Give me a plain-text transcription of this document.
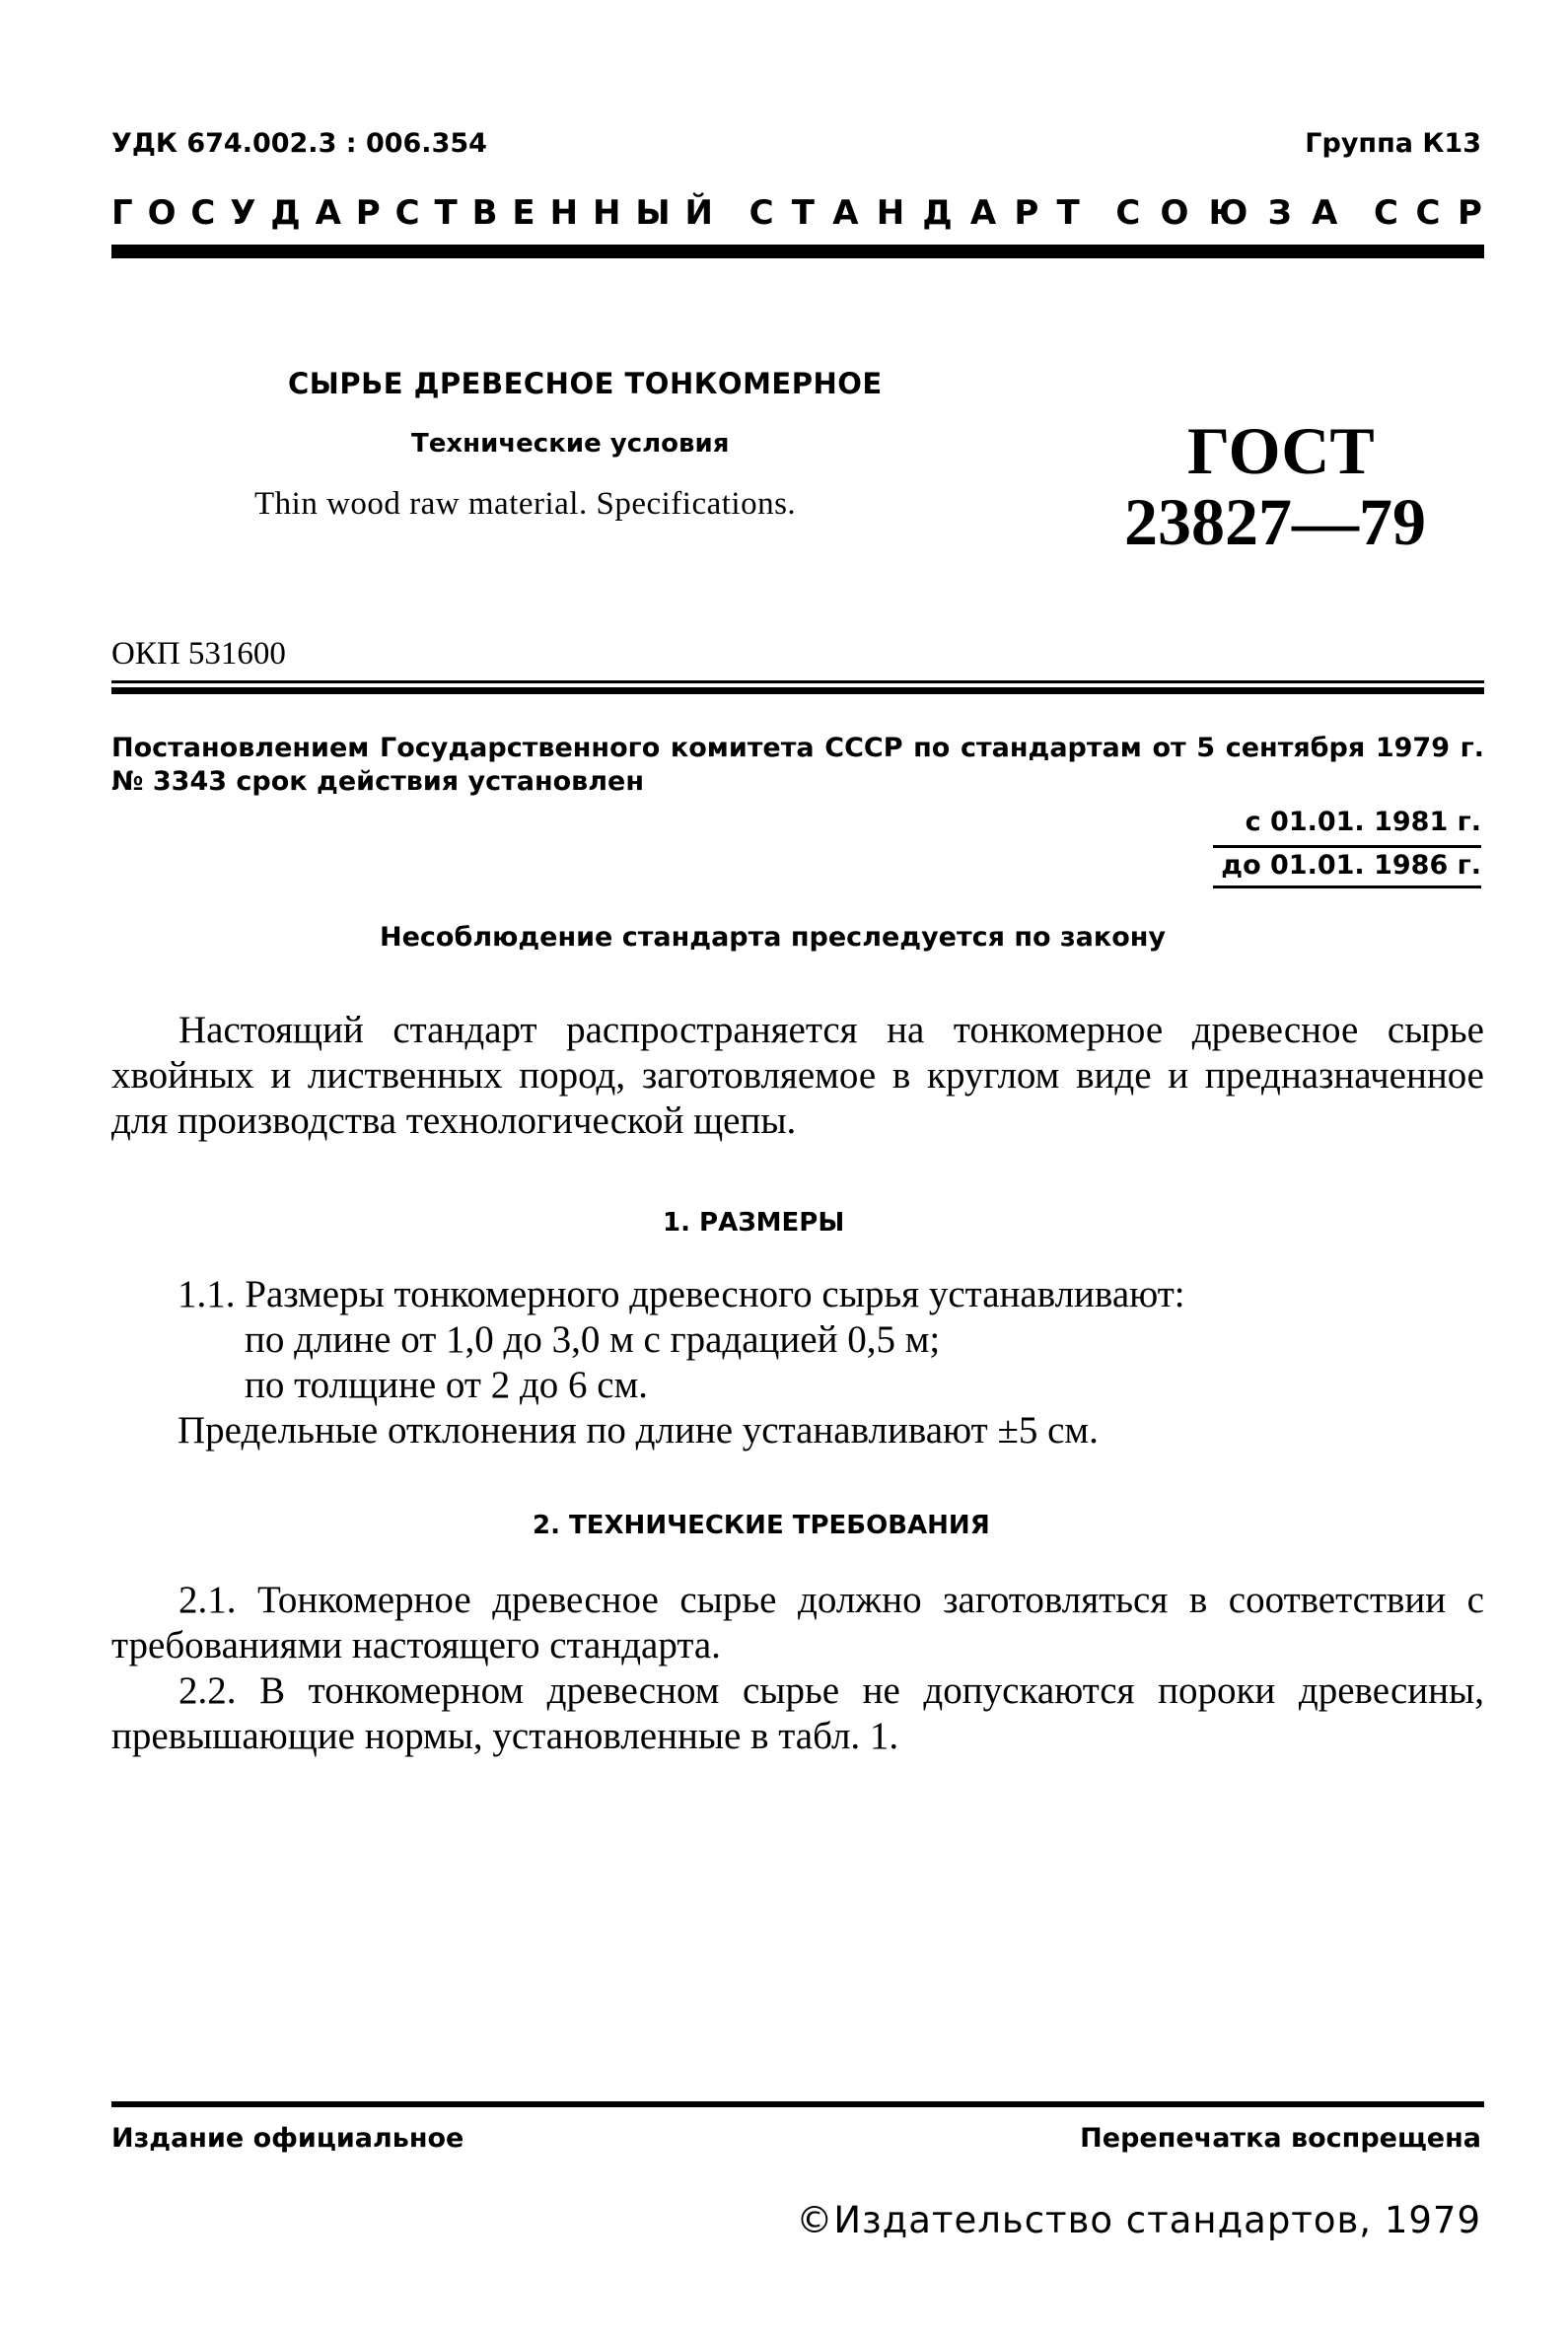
УДК 674.002.3 : 006.354	Группа К13
Г О С У Д А Р С Т В Е Н Н Ы Й С Т А Н Д А Р Т С О Ю З А С С Р
СЫРЬЕ ДРЕВЕСНОЕ ТОНКОМЕРНОЕ
Технические условия
Thin wood raw material. Specifications.
ГОСТ
23827—79
ОКП 531600
Постановлением Государственного комитета СССР по стандартам от 5 сентября 1979 г. № 3343 срок действия установлен
с 01.01. 1981 г.
до 01.01. 1986 г.
Несоблюдение стандарта преследуется по закону
Настоящий стандарт распространяется на тонкомерное древесное сырье хвойных и лиственных пород, заготовляемое в круглом виде и предназначенное для производства технологической щепы.
1. РАЗМЕРЫ
1.1. Размеры тонкомерного древесного сырья устанавливают:
по длине от 1,0 до 3,0 м с градацией 0,5 м;
по толщине от 2 до 6 см.
Предельные отклонения по длине устанавливают ±5 см.
2. ТЕХНИЧЕСКИЕ ТРЕБОВАНИЯ
2.1. Тонкомерное древесное сырье должно заготовляться в соответствии с требованиями настоящего стандарта.
2.2. В тонкомерном древесном сырье не допускаются пороки древесины, превышающие нормы, установленные в табл. 1.
Издание официальное	Перепечатка воспрещена
©Издательство стандартов, 1979
